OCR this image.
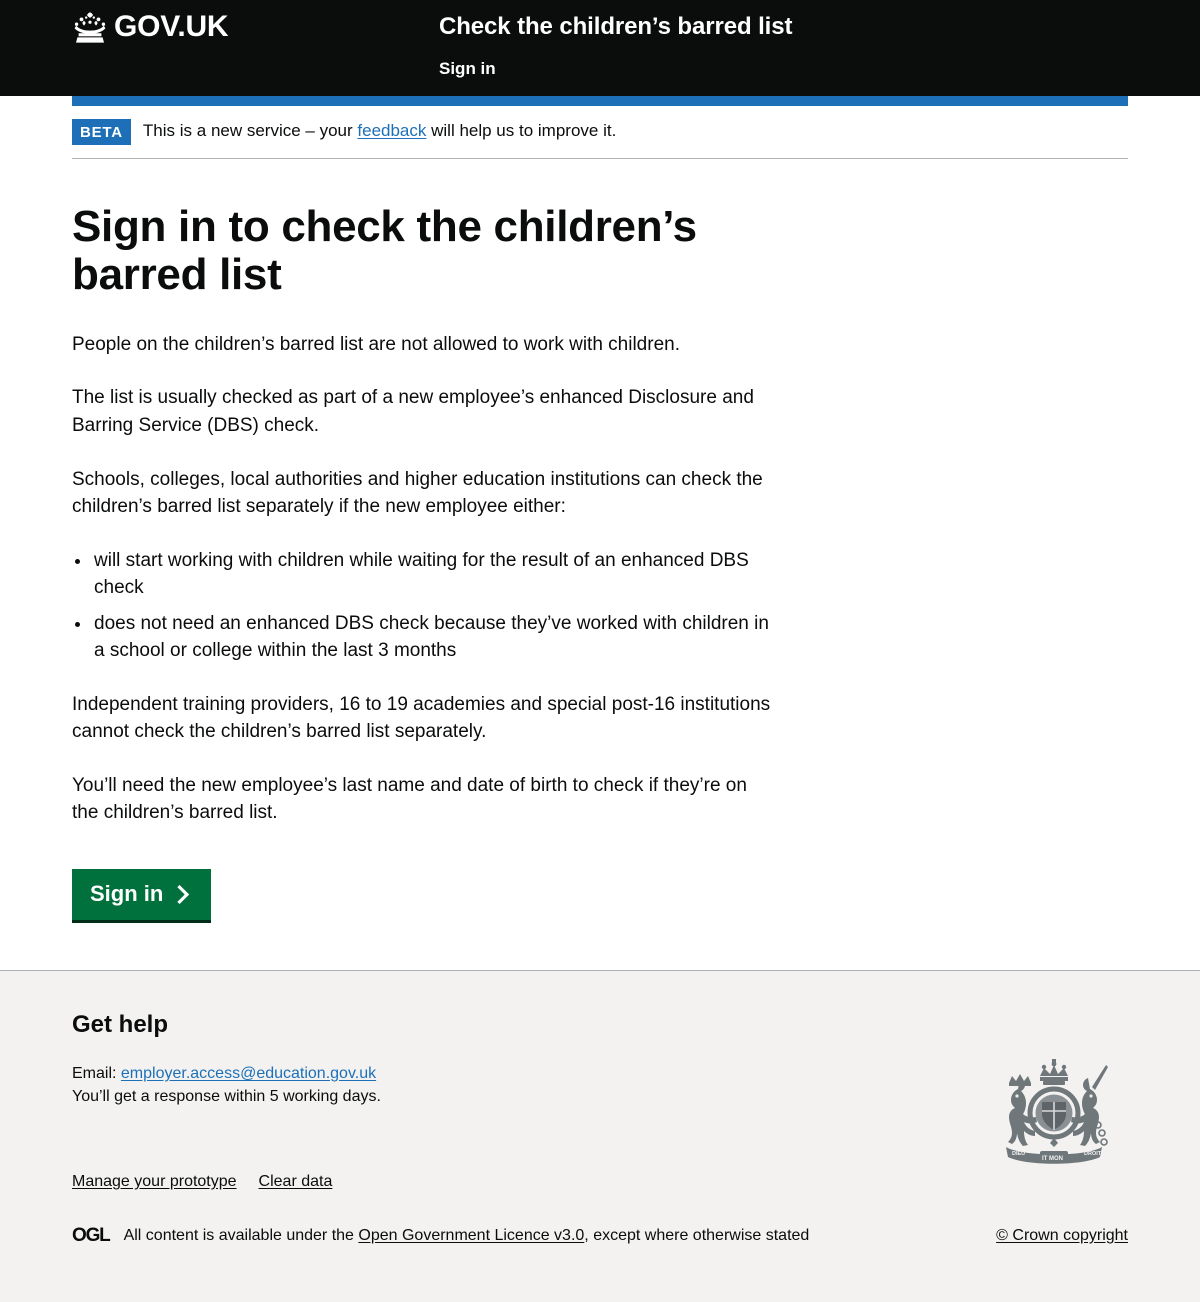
GOV.UK	Check the children’s barred list
Sign in
BETA	This is a new service – your feedback will help us to improve it.
Sign in to check the children’s barred list

People on the children’s barred list are not allowed to work with children.

The list is usually checked as part of a new employee’s enhanced Disclosure and Barring Service (DBS) check.

Schools, colleges, local authorities and higher education institutions can check the children’s barred list separately if the new employee either:

• will start working with children while waiting for the result of an enhanced DBS check
• does not need an enhanced DBS check because they’ve worked with children in a school or college within the last 3 months

Independent training providers, 16 to 19 academies and special post-16 institutions cannot check the children’s barred list separately.

You’ll need the new employee’s last name and date of birth to check if they’re on the children’s barred list.

Sign in
Get help
Email: employer.access@education.gov.uk
You’ll get a response within 5 working days.
IT MON
DIEU	DROIT
Manage your prototype Clear data
OGL All content is available under the Open Government Licence v3.0, except where otherwise stated	© Crown copyright
